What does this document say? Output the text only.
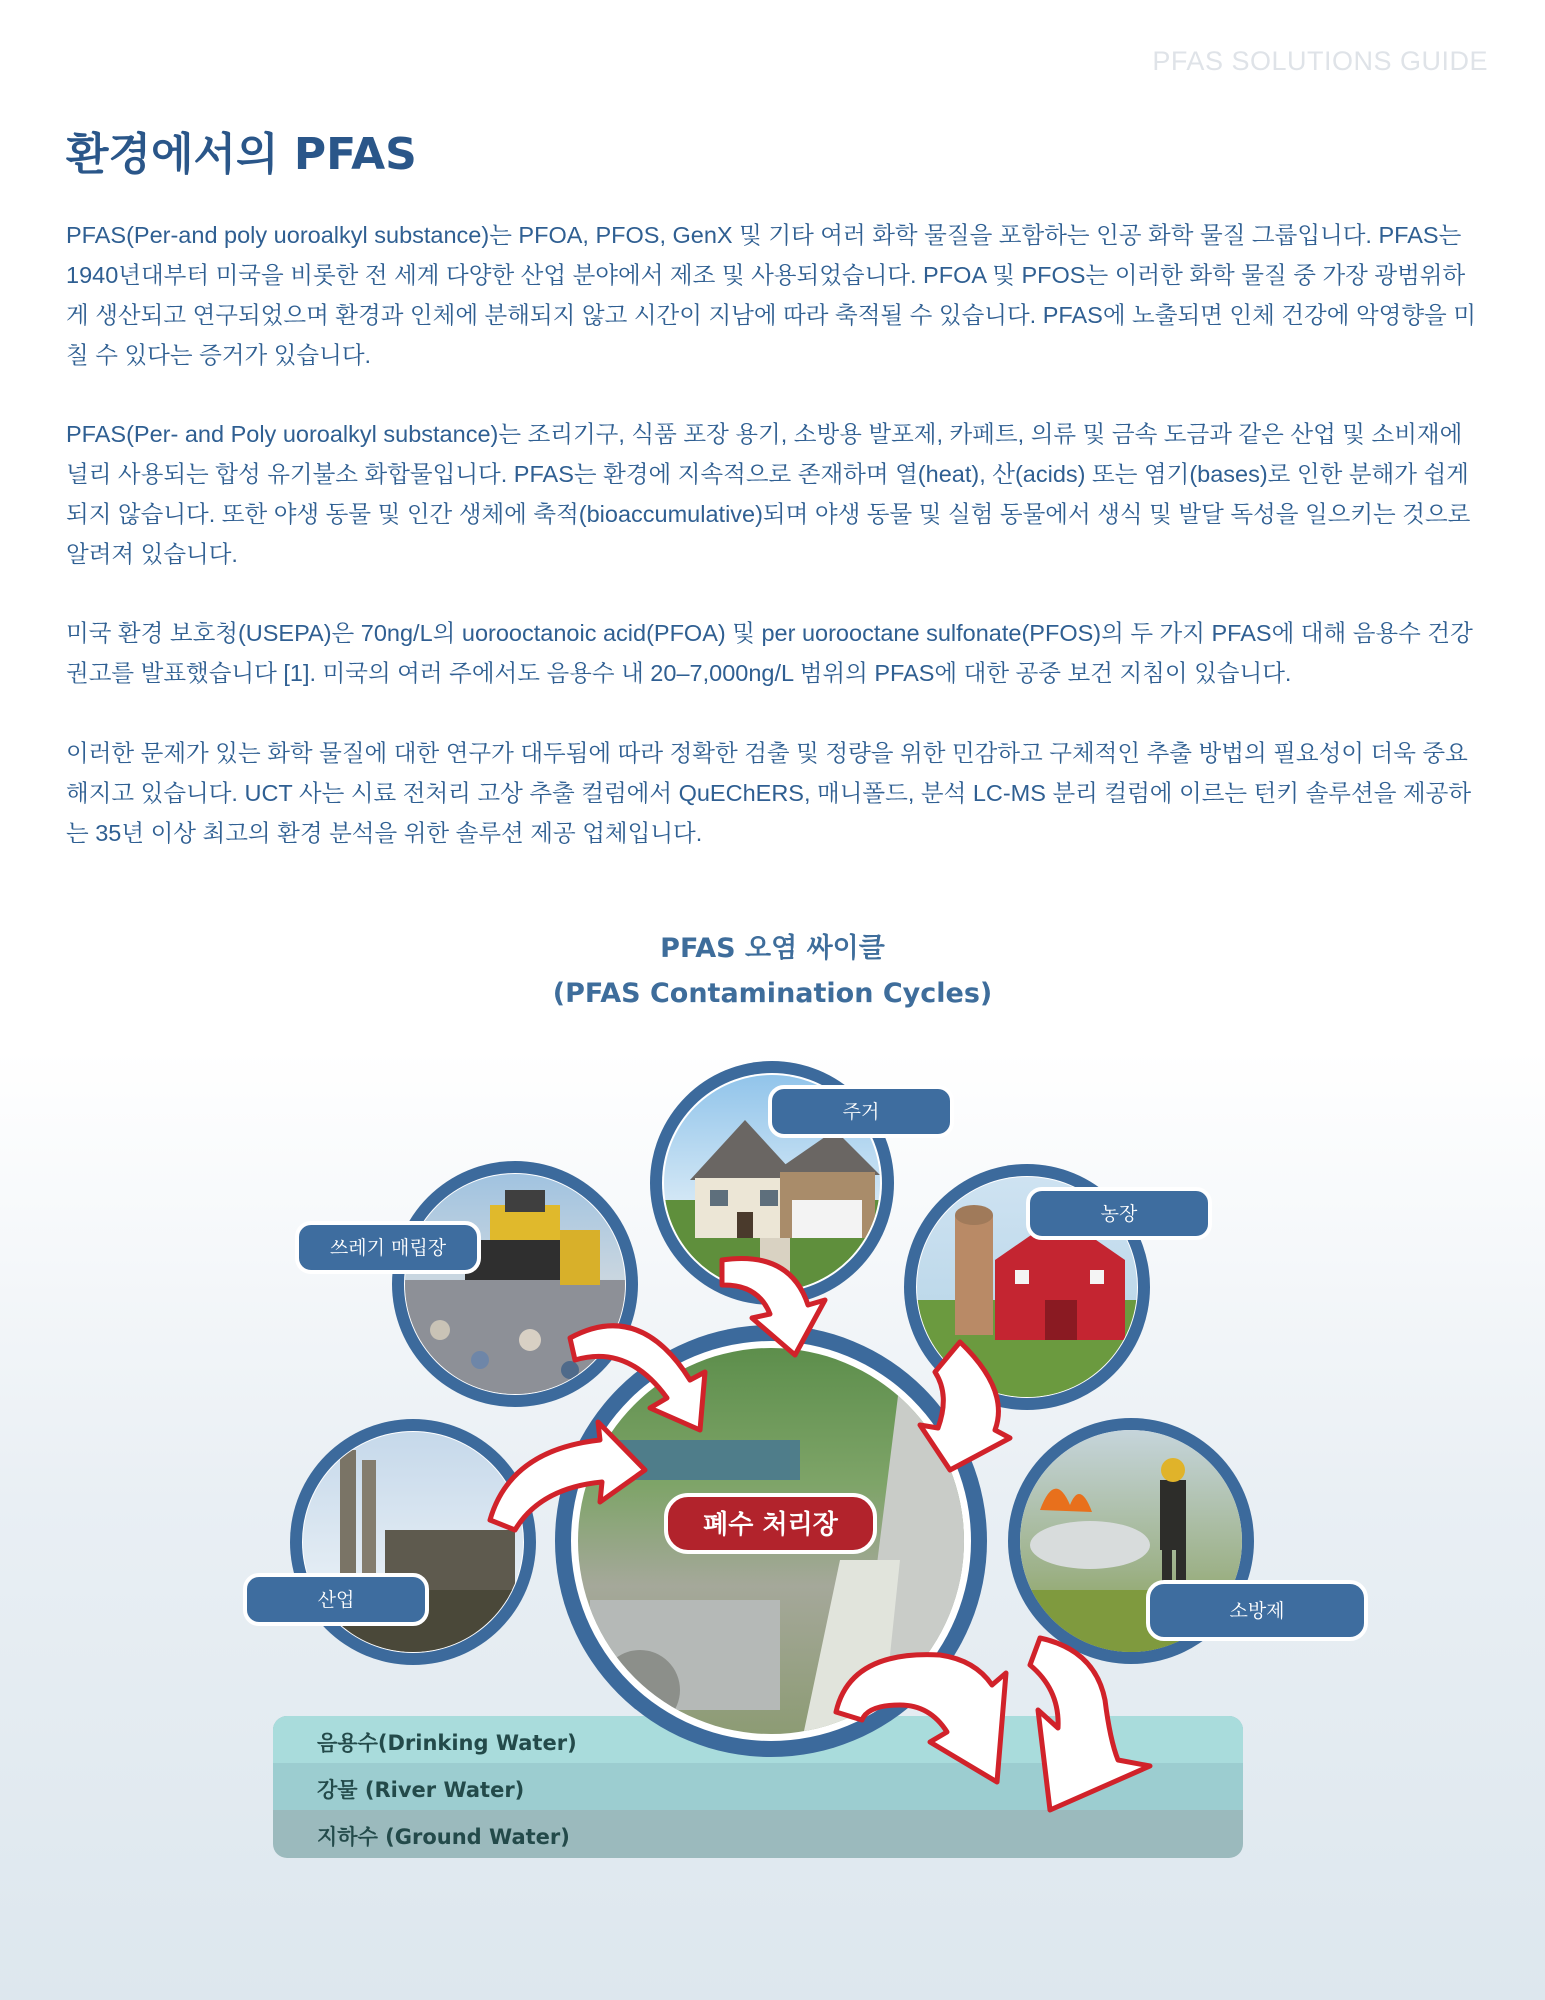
PFAS SOLUTIONS GUIDE
환경에서의 PFAS

PFAS(Per-and poly uoroalkyl substance)는 PFOA, PFOS, GenX 및 기타 여러 화학 물질을 포함하는 인공 화학 물질 그룹입니다. PFAS는 1940년대부터 미국을 비롯한 전 세계 다양한 산업 분야에서 제조 및 사용되었습니다. PFOA 및 PFOS는 이러한 화학 물질 중 가장 광범위하게 생산되고 연구되었으며 환경과 인체에 분해되지 않고 시간이 지남에 따라 축적될 수 있습니다. PFAS에 노출되면 인체 건강에 악영향을 미칠 수 있다는 증거가 있습니다.

PFAS(Per- and Poly uoroalkyl substance)는 조리기구, 식품 포장 용기, 소방용 발포제, 카페트, 의류 및 금속 도금과 같은 산업 및 소비재에 널리 사용되는 합성 유기불소 화합물입니다. PFAS는 환경에 지속적으로 존재하며 열(heat), 산(acids) 또는 염기(bases)로 인한 분해가 쉽게 되지 않습니다. 또한 야생 동물 및 인간 생체에 축적(bioaccumulative)되며 야생 동물 및 실험 동물에서 생식 및 발달 독성을 일으키는 것으로 알려져 있습니다.

미국 환경 보호청(USEPA)은 70ng/L의 uorooctanoic acid(PFOA) 및 per uorooctane sulfonate(PFOS)의 두 가지 PFAS에 대해 음용수 건강 권고를 발표했습니다 [1]. 미국의 여러 주에서도 음용수 내 20–7,000ng/L 범위의 PFAS에 대한 공중 보건 지침이 있습니다.

이러한 문제가 있는 화학 물질에 대한 연구가 대두됨에 따라 정확한 검출 및 정량을 위한 민감하고 구체적인 추출 방법의 필요성이 더욱 중요해지고 있습니다. UCT 사는 시료 전처리 고상 추출 컬럼에서 QuEChERS, 매니폴드, 분석 LC-MS 분리 컬럼에 이르는 턴키 솔루션을 제공하는 35년 이상 최고의 환경 분석을 위한 솔루션 제공 업체입니다.

PFAS 오염 싸이클
(PFAS Contamination Cycles)
음용수(Drinking Water)
강물 (River Water)
지하수 (Ground Water)
폐수 처리장
주거
농장
쓰레기 매립장
산업	소방제
